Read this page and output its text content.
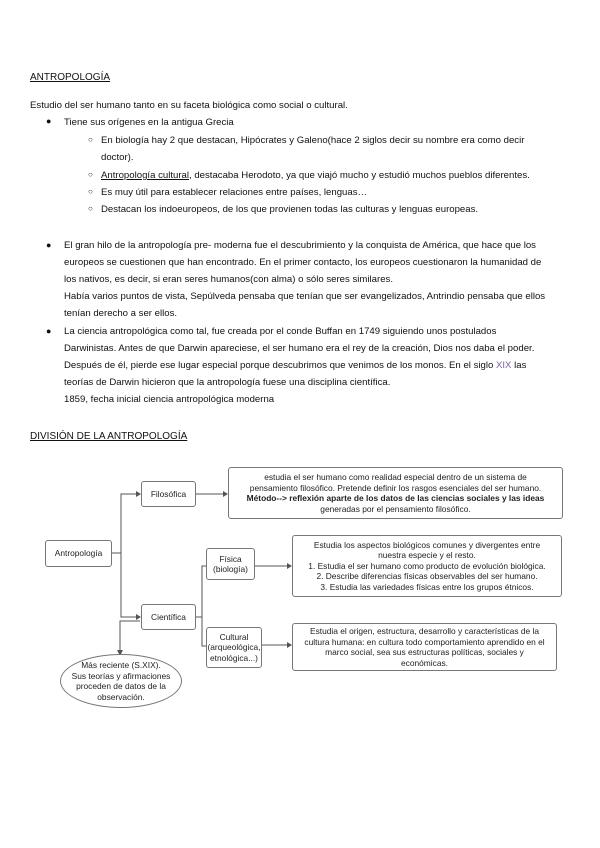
ANTROPOLOGÍA
Estudio del ser humano tanto en su faceta biológica como social o cultural.
● Tiene sus orígenes en la antigua Grecia
○ En biología hay 2 que destacan, Hipócrates y Galeno(hace 2 siglos decir su nombre era como decir
doctor).
○ Antropología cultural, destacaba Herodoto, ya que viajó mucho y estudió muchos pueblos diferentes.
○ Es muy útil para establecer relaciones entre países, lenguas…
○ Destacan los indoeuropeos, de los que provienen todas las culturas y lenguas europeas.
● El gran hilo de la antropología pre- moderna fue el descubrimiento y la conquista de América, que hace que los
europeos se cuestionen que han encontrado. En el primer contacto, los europeos cuestionaron la humanidad de
los nativos, es decir, si eran seres humanos(con alma) o sólo seres similares.
Había varios puntos de vista, Sepúlveda pensaba que tenían que ser evangelizados, Antrindio pensaba que ellos
tenían derecho a ser ellos.
● La ciencia antropológica como tal, fue creada por el conde Buffan en 1749 siguiendo unos postulados
Darwinistas. Antes de que Darwin apareciese, el ser humano era el rey de la creación, Dios nos daba el poder.
Después de él, pierde ese lugar especial porque descubrimos que venimos de los monos. En el siglo XIX las
teorías de Darwin hicieron que la antropología fuese una disciplina científica.
1859, fecha inicial ciencia antropológica moderna
DIVISIÓN DE LA ANTROPOLOGÍA
Antropología
Filosófica
Científica
Física
(biología)
Cultural
(arqueológica,
etnológica...)
estudia el ser humano como realidad especial dentro de un sistema de
pensamiento filosófico. Pretende definir los rasgos esenciales del ser humano.
Método--> reflexión aparte de los datos de las ciencias sociales y las ideas
generadas por el pensamiento filosófico.
Estudia los aspectos biológicos comunes y divergentes entre
nuestra especie y el resto.
1. Estudia el ser humano como producto de evolución biológica.
2. Describe diferencias físicas observables del ser humano.
3. Estudia las variedades físicas entre los grupos étnicos.
Estudia el origen, estructura, desarrollo y características de la
cultura humana: en cultura todo comportamiento aprendido en el
marco social, sea sus estructuras políticas, sociales y
económicas.
Más reciente (S.XIX).
Sus teorías y afirmaciones
proceden de datos de la
observación.
